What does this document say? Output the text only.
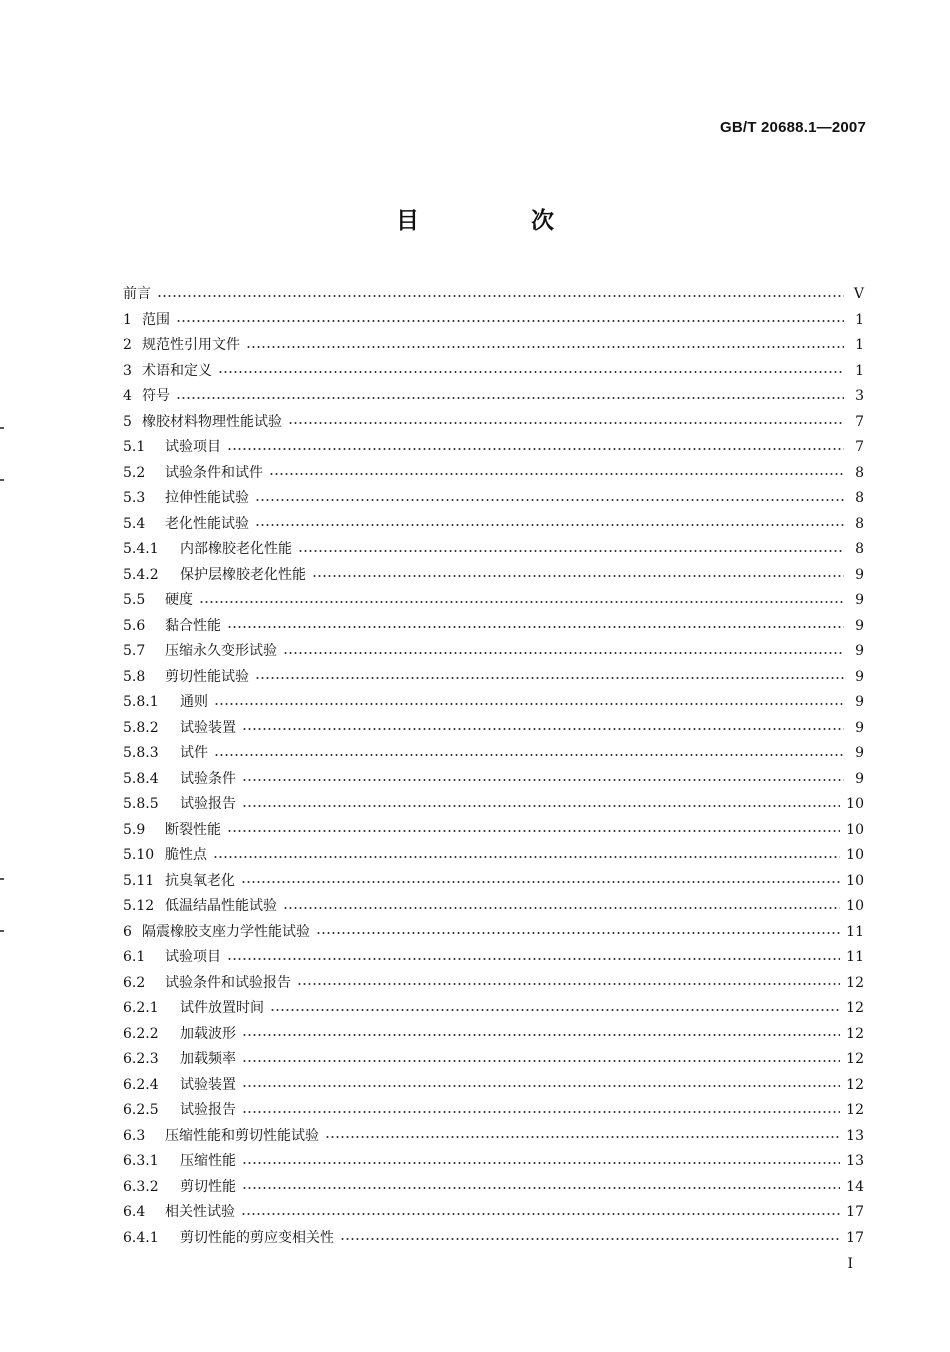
GB/T 20688.1—2007
目 次
前言	V
1 范围	1
2 规范性引用文件	1
3 术语和定义	1
4 符号	3
5 橡胶材料物理性能试验	7
5.1	试验项目	7
5.2	试验条件和试件	8
5.3	拉伸性能试验	8
5.4	老化性能试验	8
5.4.1	内部橡胶老化性能	8
5.4.2	保护层橡胶老化性能	9
5.5	硬度	9
5.6	黏合性能	9
5.7	压缩永久变形试验	9
5.8	剪切性能试验	9
5.8.1	通则	9
5.8.2	试验装置	9
5.8.3	试件	9
5.8.4	试验条件	9
5.8.5	试验报告	10
5.9	断裂性能	10
5.10 脆性点	10
5.11 抗臭氧老化	10
5.12 低温结晶性能试验	10
6 隔震橡胶支座力学性能试验	11
6.1	试验项目	11
6.2	试验条件和试验报告	12
6.2.1	试件放置时间	12
6.2.2	加载波形	12
6.2.3	加载频率	12
6.2.4	试验装置	12
6.2.5	试验报告	12
6.3	压缩性能和剪切性能试验	13
6.3.1	压缩性能	13
6.3.2	剪切性能	14
6.4	相关性试验	17
6.4.1	剪切性能的剪应变相关性	17
I
